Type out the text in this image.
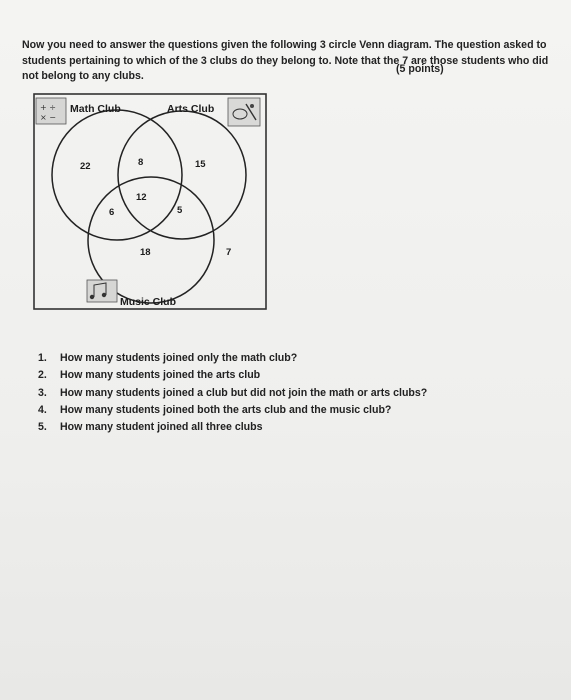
Now you need to answer the questions given the following 3 circle Venn diagram. The question asked to students pertaining to which of the 3 clubs do they belong to. Note that the 7 are those students who did not belong to any clubs.
(5 points)
+ ÷
× −
Math Club	Arts Club
Music Club
22	8	15
12
6	5
18	7
1.	How many students joined only the math club?
2.	How many students joined the arts club
3.	How many students joined a club but did not join the math or arts clubs?
4.	How many students joined both the arts club and the music club?
5.	How many student joined all three clubs
